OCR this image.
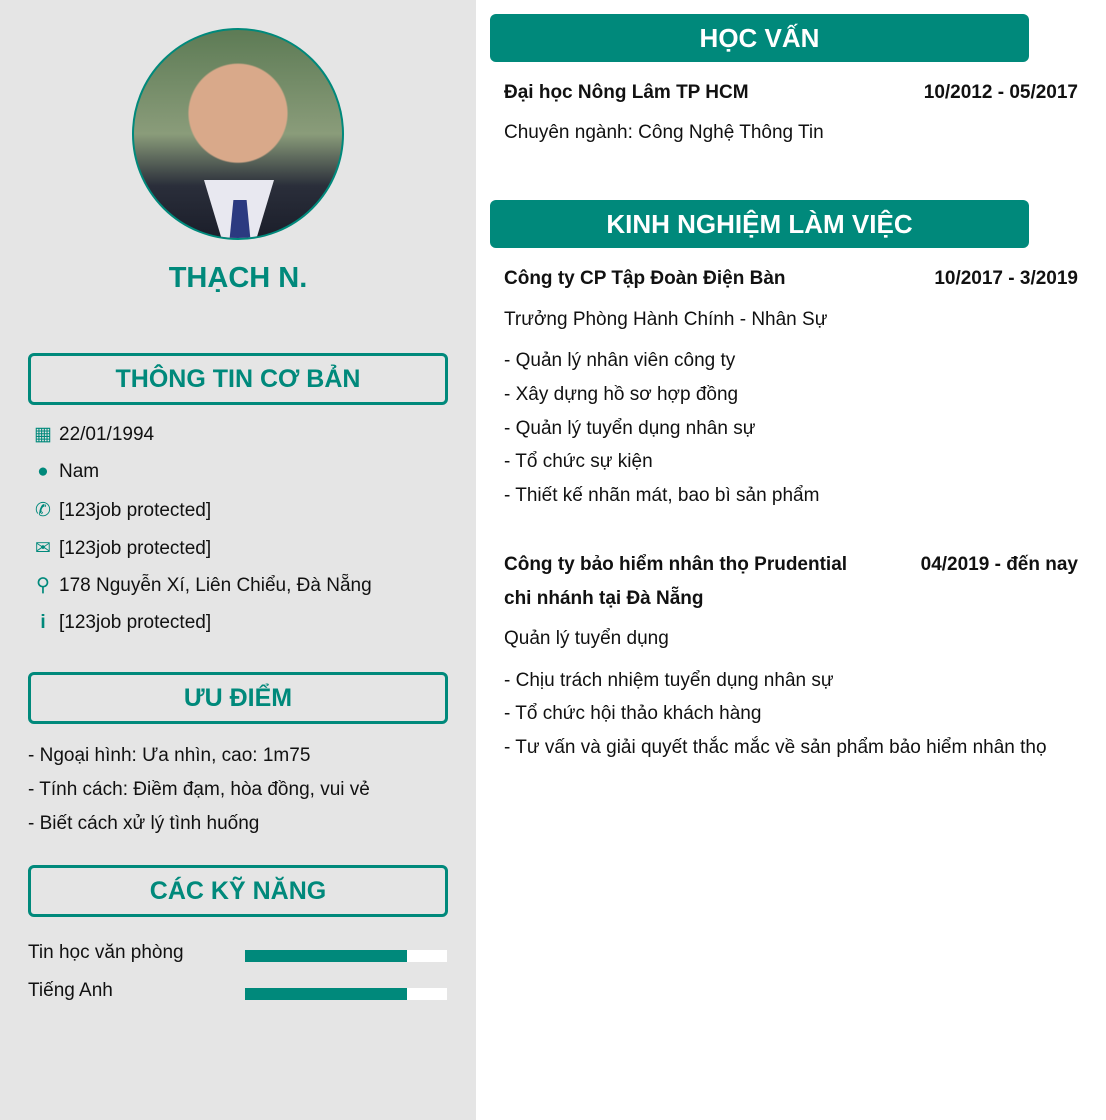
THẠCH N.
THÔNG TIN CƠ BẢN
▦ 22/01/1994
● Nam
✆ [123job protected]
✉ [123job protected]
⚲ 178 Nguyễn Xí, Liên Chiểu, Đà Nẵng
i [123job protected]
ƯU ĐIỂM
- Ngoại hình: Ưa nhìn, cao: 1m75
- Tính cách: Điềm đạm, hòa đồng, vui vẻ
- Biết cách xử lý tình huống
CÁC KỸ NĂNG
Tin học văn phòng
Tiếng Anh
HỌC VẤN
Đại học Nông Lâm TP HCM	10/2012 - 05/2017
Chuyên ngành: Công Nghệ Thông Tin
KINH NGHIỆM LÀM VIỆC
Công ty CP Tập Đoàn Điện Bàn	10/2017 - 3/2019
Trưởng Phòng Hành Chính - Nhân Sự
- Quản lý nhân viên công ty
- Xây dựng hồ sơ hợp đồng
- Quản lý tuyển dụng nhân sự
- Tổ chức sự kiện
- Thiết kế nhãn mát, bao bì sản phẩm
Công ty bảo hiểm nhân thọ Prudential
chi nhánh tại Đà Nẵng
04/2019 - đến nay
Quản lý tuyển dụng
- Chịu trách nhiệm tuyển dụng nhân sự
- Tổ chức hội thảo khách hàng
- Tư vấn và giải quyết thắc mắc về sản phẩm bảo hiểm nhân thọ
